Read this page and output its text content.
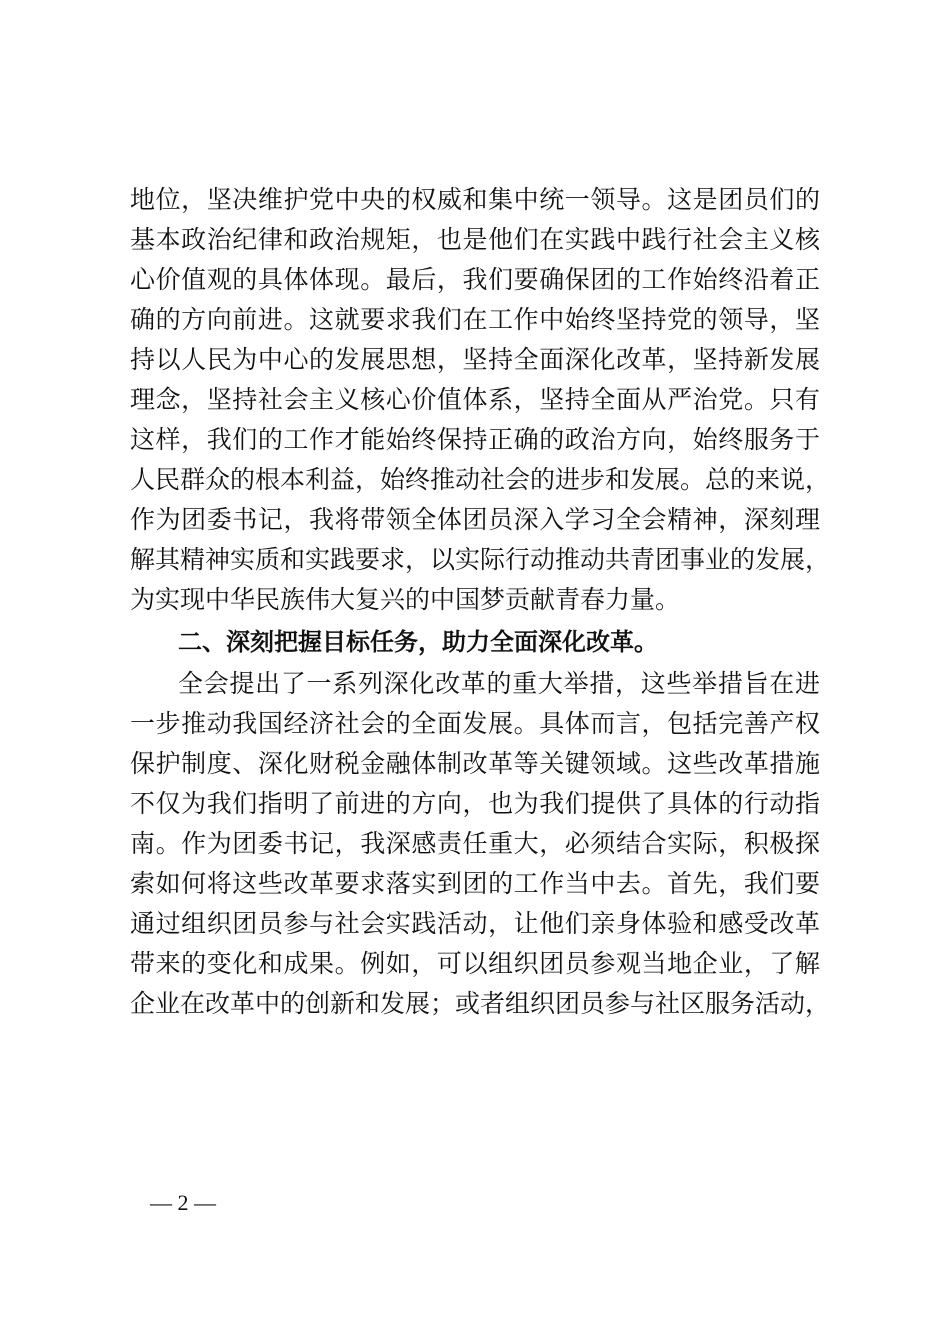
地位，坚决维护党中央的权威和集中统一领导。这是团员们的
基本政治纪律和政治规矩，也是他们在实践中践行社会主义核
心价值观的具体体现。最后，我们要确保团的工作始终沿着正
确的方向前进。这就要求我们在工作中始终坚持党的领导，坚
持以人民为中心的发展思想，坚持全面深化改革，坚持新发展
理念，坚持社会主义核心价值体系，坚持全面从严治党。只有
这样，我们的工作才能始终保持正确的政治方向，始终服务于
人民群众的根本利益，始终推动社会的进步和发展。总的来说，
作为团委书记，我将带领全体团员深入学习全会精神，深刻理
解其精神实质和实践要求，以实际行动推动共青团事业的发展，
为实现中华民族伟大复兴的中国梦贡献青春力量。
二、深刻把握目标任务，助力全面深化改革。
全会提出了一系列深化改革的重大举措，这些举措旨在进
一步推动我国经济社会的全面发展。具体而言，包括完善产权
保护制度、深化财税金融体制改革等关键领域。这些改革措施
不仅为我们指明了前进的方向，也为我们提供了具体的行动指
南。作为团委书记，我深感责任重大，必须结合实际，积极探
索如何将这些改革要求落实到团的工作当中去。首先，我们要
通过组织团员参与社会实践活动，让他们亲身体验和感受改革
带来的变化和成果。例如，可以组织团员参观当地企业，了解
企业在改革中的创新和发展；或者组织团员参与社区服务活动，
— 2 —
